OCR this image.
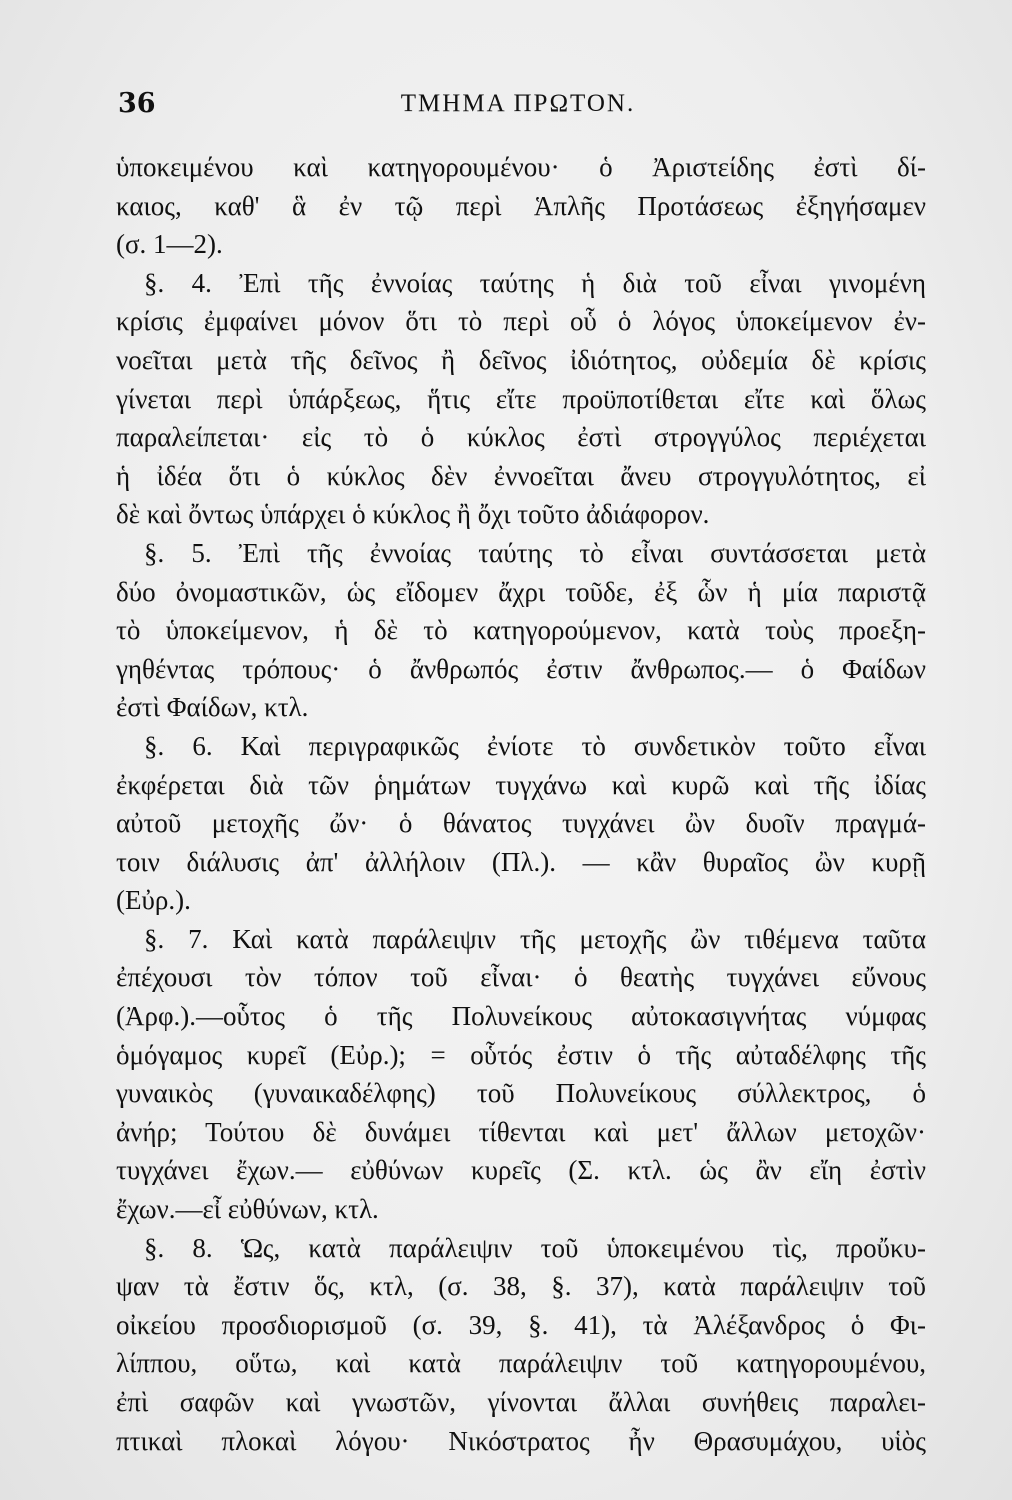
36	ΤΜΗΜΑ ΠΡΩΤΟΝ.
ὑποκειμένου καὶ κατηγορουμένου· ὁ Ἀριστείδης ἐστὶ δί-
καιος, καθ' ἃ ἐν τῷ περὶ Ἁπλῆς Προτάσεως ἐξηγήσαμεν
(σ. 1—2).
§. 4. Ἐπὶ τῆς ἐννοίας ταύτης ἡ διὰ τοῦ εἶναι γινομένη
κρίσις ἐμφαίνει μόνον ὅτι τὸ περὶ οὗ ὁ λόγος ὑποκείμενον ἐν-
νοεῖται μετὰ τῆς δεῖνος ἢ δεῖνος ἰδιότητος, οὐδεμία δὲ κρίσις
γίνεται περὶ ὑπάρξεως, ἥτις εἴτε προϋποτίθεται εἴτε καὶ ὅλως
παραλείπεται· εἰς τὸ ὁ κύκλος ἐστὶ στρογγύλος περιέχεται
ἡ ἰδέα ὅτι ὁ κύκλος δὲν ἐννοεῖται ἄνευ στρογγυλότητος, εἰ
δὲ καὶ ὄντως ὑπάρχει ὁ κύκλος ἢ ὄχι τοῦτο ἀδιάφορον.
§. 5. Ἐπὶ τῆς ἐννοίας ταύτης τὸ εἶναι συντάσσεται μετὰ
δύο ὀνομαστικῶν, ὡς εἴδομεν ἄχρι τοῦδε, ἐξ ὧν ἡ μία παριστᾷ
τὸ ὑποκείμενον, ἡ δὲ τὸ κατηγορούμενον, κατὰ τοὺς προεξη-
γηθέντας τρόπους· ὁ ἄνθρωπός ἐστιν ἄνθρωπος.— ὁ Φαίδων
ἐστὶ Φαίδων, κτλ.
§. 6. Καὶ περιγραφικῶς ἐνίοτε τὸ συνδετικὸν τοῦτο εἶναι
ἐκφέρεται διὰ τῶν ῥημάτων τυγχάνω καὶ κυρῶ καὶ τῆς ἰδίας
αὐτοῦ μετοχῆς ὤν· ὁ θάνατος τυγχάνει ὢν δυοῖν πραγμά-
τοιν διάλυσις ἀπ' ἀλλήλοιν (Πλ.). — κἂν θυραῖος ὢν κυρῇ
(Εὐρ.).
§. 7. Καὶ κατὰ παράλειψιν τῆς μετοχῆς ὢν τιθέμενα ταῦτα
ἐπέχουσι τὸν τόπον τοῦ εἶναι· ὁ θεατὴς τυγχάνει εὔνους
(Ἀρφ.).—οὗτος ὁ τῆς Πολυνείκους αὐτοκασιγνήτας νύμφας
ὁμόγαμος κυρεῖ (Εὐρ.); = οὗτός ἐστιν ὁ τῆς αὐταδέλφης τῆς
γυναικὸς (γυναικαδέλφης) τοῦ Πολυνείκους σύλλεκτρος, ὁ
ἀνήρ; Τούτου δὲ δυνάμει τίθενται καὶ μετ' ἄλλων μετοχῶν·
τυγχάνει ἔχων.— εὐθύνων κυρεῖς (Σ. κτλ. ὡς ἂν εἴη ἐστὶν
ἔχων.—εἶ εὐθύνων, κτλ.
§. 8. Ὡς, κατὰ παράλειψιν τοῦ ὑποκειμένου τὶς, προὔκυ-
ψαν τὰ ἔστιν ὅς, κτλ, (σ. 38, §. 37), κατὰ παράλειψιν τοῦ
οἰκείου προσδιορισμοῦ (σ. 39, §. 41), τὰ Ἀλέξανδρος ὁ Φι-
λίππου, οὕτω, καὶ κατὰ παράλειψιν τοῦ κατηγορουμένου,
ἐπὶ σαφῶν καὶ γνωστῶν, γίνονται ἄλλαι συνήθεις παραλει-
πτικαὶ πλοκαὶ λόγου· Νικόστρατος ἦν Θρασυμάχου, υἱὸς
